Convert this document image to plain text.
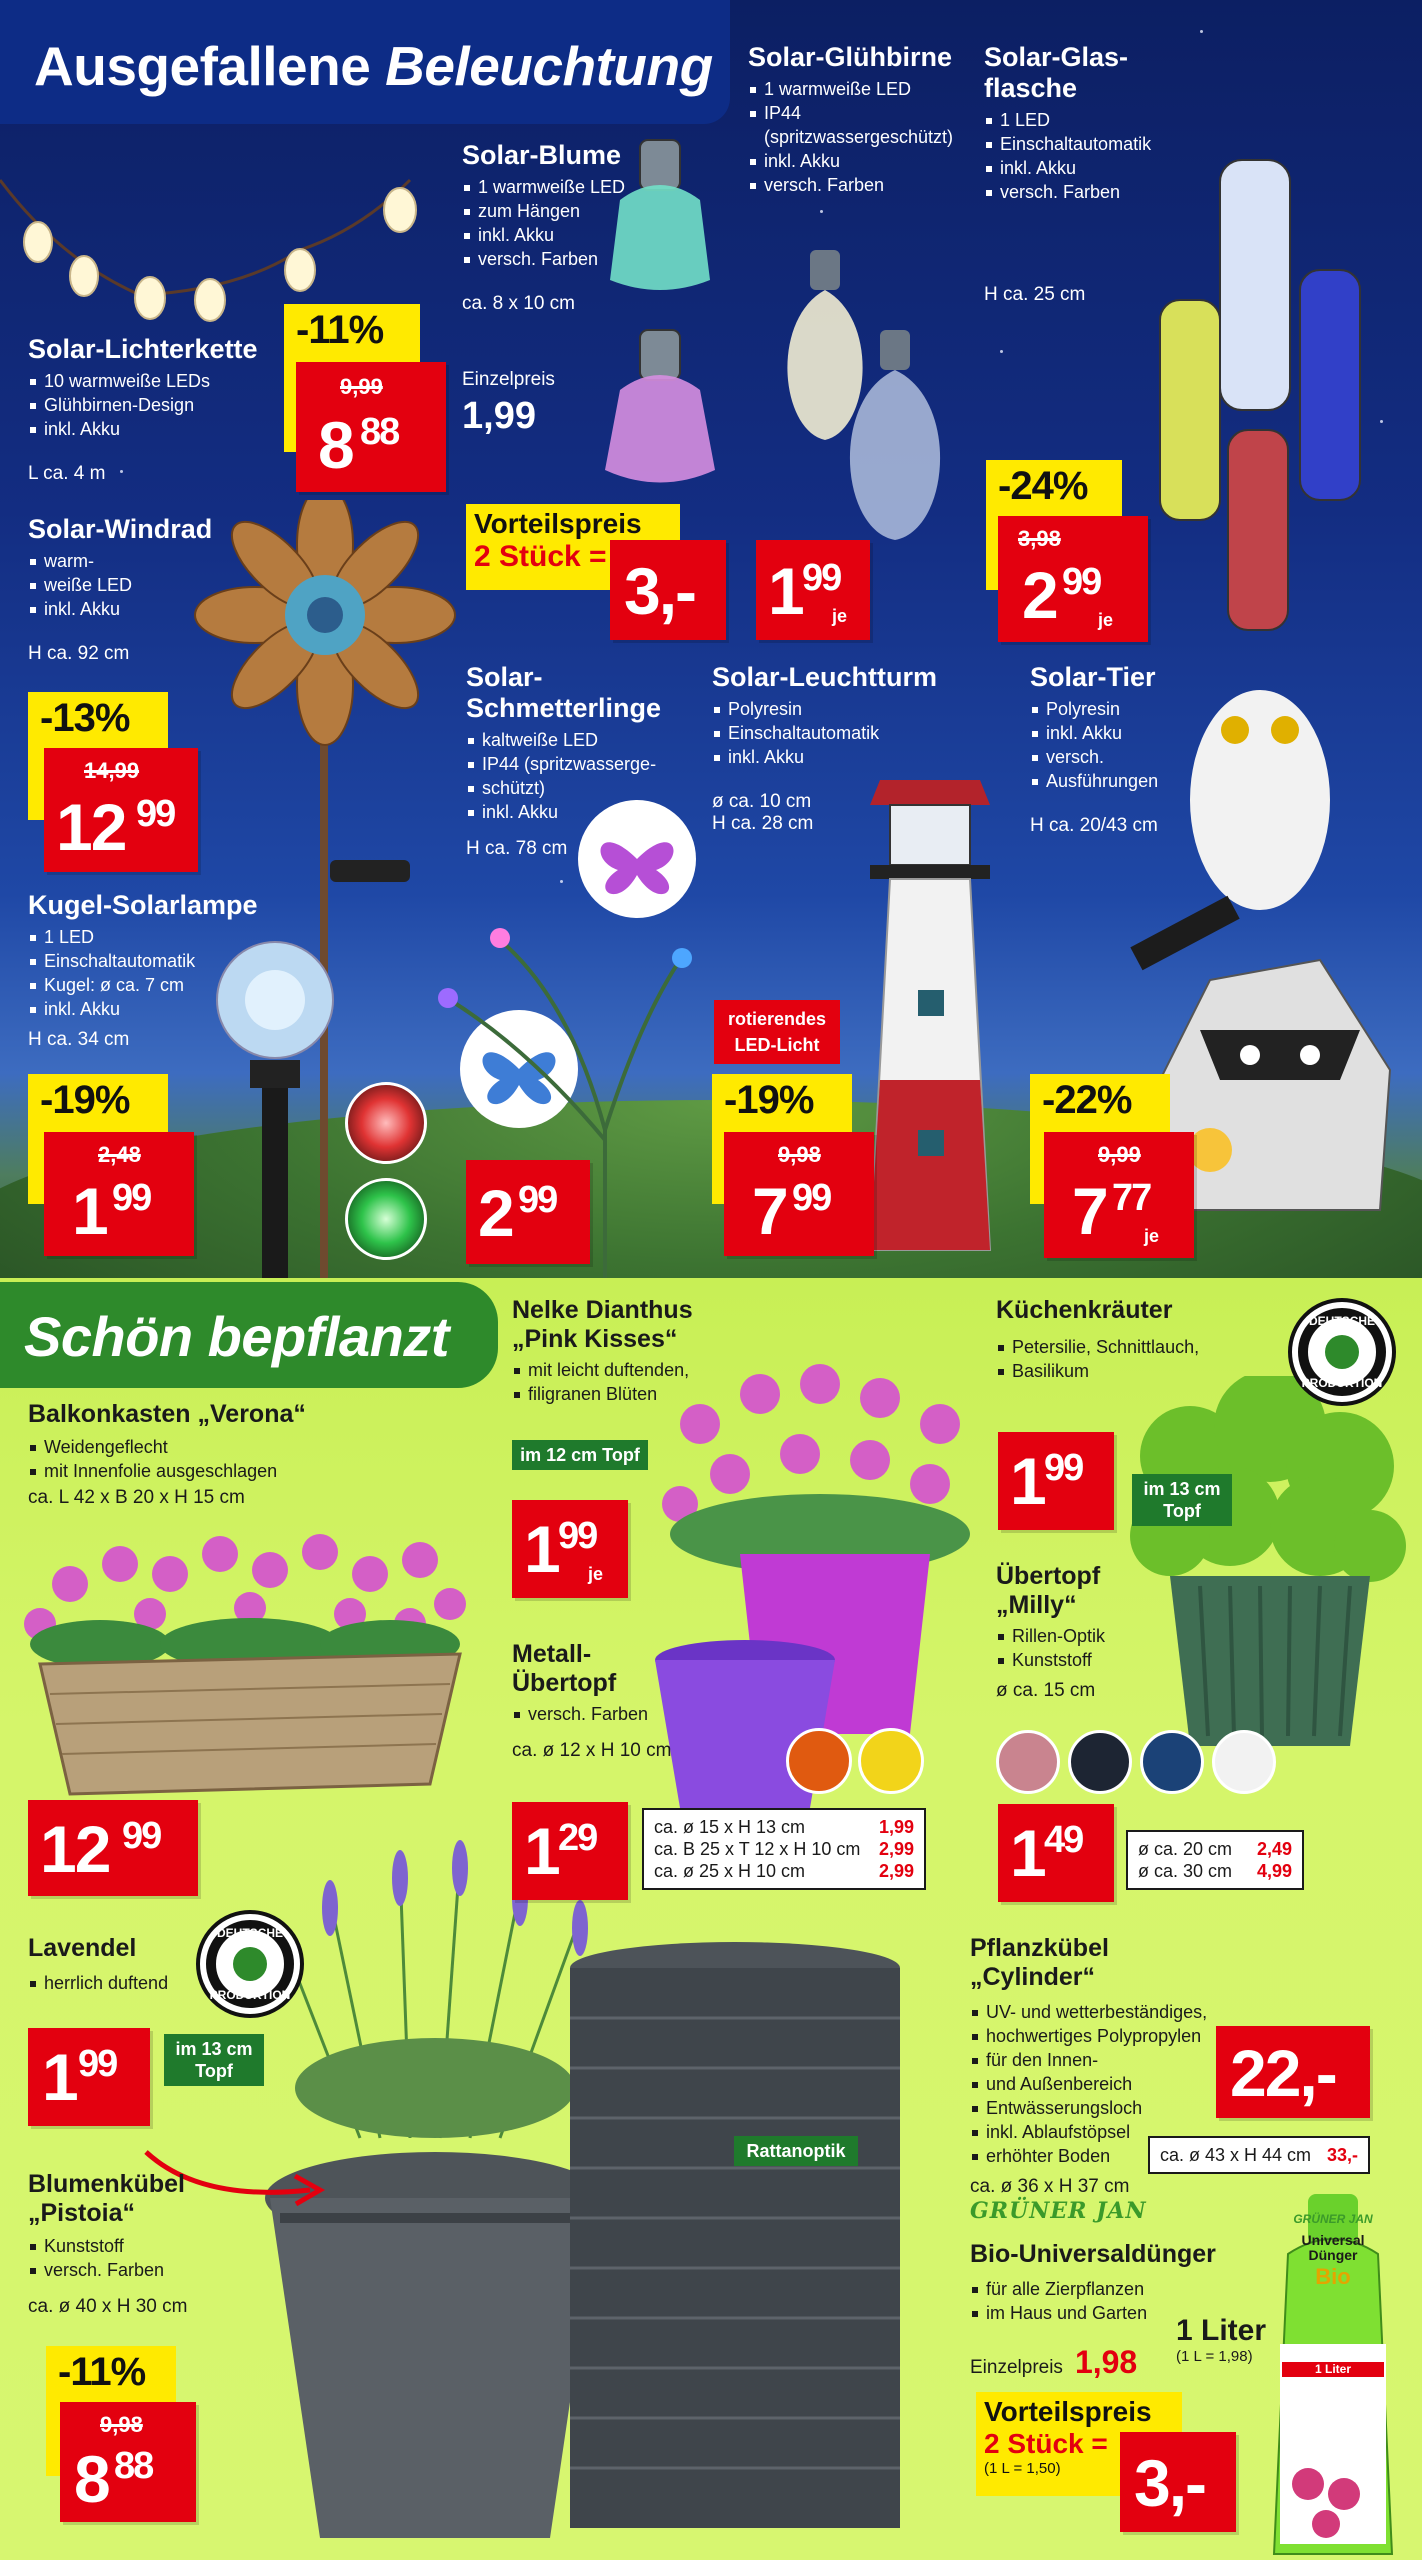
Ausgefallene Beleuchtung
Solar-Lichterkette
10 warmweiße LEDs
Glühbirnen-Design
inkl. Akku
L ca. 4 m
-11%
9,99
8 88
Solar-Blume
1 warmweiße LED
zum Hängen
inkl. Akku
versch. Farben
ca. 8 x 10 cm
Einzelpreis
1,99
Vorteilspreis
2 Stück = 3,-
Solar-Glühbirne
1 warmweiße LED
IP44 (spritzwassergeschützt)
inkl. Akku
versch. Farben
1 99
je
Solar-Glas-
flasche
1 LED
Einschaltautomatik
inkl. Akku
versch. Farben
H ca. 25 cm
-24%
3,98
2 99
je
Solar-Windrad
warm-
weiße LED
inkl. Akku
H ca. 92 cm
-13%
14,99
12 99
Solar-
Schmetterlinge
kaltweiße LED
IP44 (spritzwasserge-
schützt)
inkl. Akku
H ca. 78 cm
2 99
Solar-Leuchtturm
Polyresin
Einschaltautomatik
inkl. Akku
ø ca. 10 cm
H ca. 28 cm
rotierendes
LED-Licht
-19%
9,98
7 99
Solar-Tier
Polyresin
inkl. Akku
versch.
Ausführungen
H ca. 20/43 cm
-22%
9,99
7 77
je
Kugel-Solarlampe
1 LED
Einschaltautomatik
Kugel: ø ca. 7 cm
inkl. Akku
H ca. 34 cm
-19%
2,48
1 99
Schön bepflanzt
Balkonkasten „Verona“
Weidengeflecht
mit Innenfolie ausgeschlagen
ca. L 42 x B 20 x H 15 cm
12 99
Nelke Dianthus
„Pink Kisses“
mit leicht duftenden,
filigranen Blüten
im 12 cm Topf
1 99
je
Metall-
Übertopf
versch. Farben
ca. ø 12 x H 10 cm
1 29	ca. ø 15 x H 13 cm	1,99
ca. B 25 x T 12 x H 10 cm 2,99
ca. ø 25 x H 10 cm	2,99
Küchenkräuter
Petersilie, Schnittlauch,
Basilikum
DEUTSCHE
PRODUKTION
1 99	im 13 cm
Topf
Übertopf
„Milly“
Rillen-Optik
Kunststoff
ø ca. 15 cm
1 49	ø ca. 20 cm 2,49
ø ca. 30 cm 4,99
Lavendel
herrlich duftend
DEUTSCHE
PRODUKTION
1 99	im 13 cm
Topf
Blumenkübel
„Pistoia“
Kunststoff
versch. Farben
ca. ø 40 x H 30 cm
-11%
9,98
8 88
Pflanzkübel „Cylinder“
UV- und wetterbeständiges,
hochwertiges Polypropylen
für den Innen-
und Außenbereich
Entwässerungsloch
inkl. Ablaufstöpsel
erhöhter Boden
ca. ø 36 x H 37 cm
Rattanoptik
22,-
ca. ø 43 x H 44 cm 33,-
GRÜNER JAN
Bio-Universaldünger
für alle Zierpflanzen
im Haus und Garten
1 Liter
(1 L = 1,98)
Einzelpreis 1,98
Vorteilspreis
2 Stück =
(1 L = 1,50)	3,-
GRÜNER JAN
Universal
Dünger
Bio
1 Liter
